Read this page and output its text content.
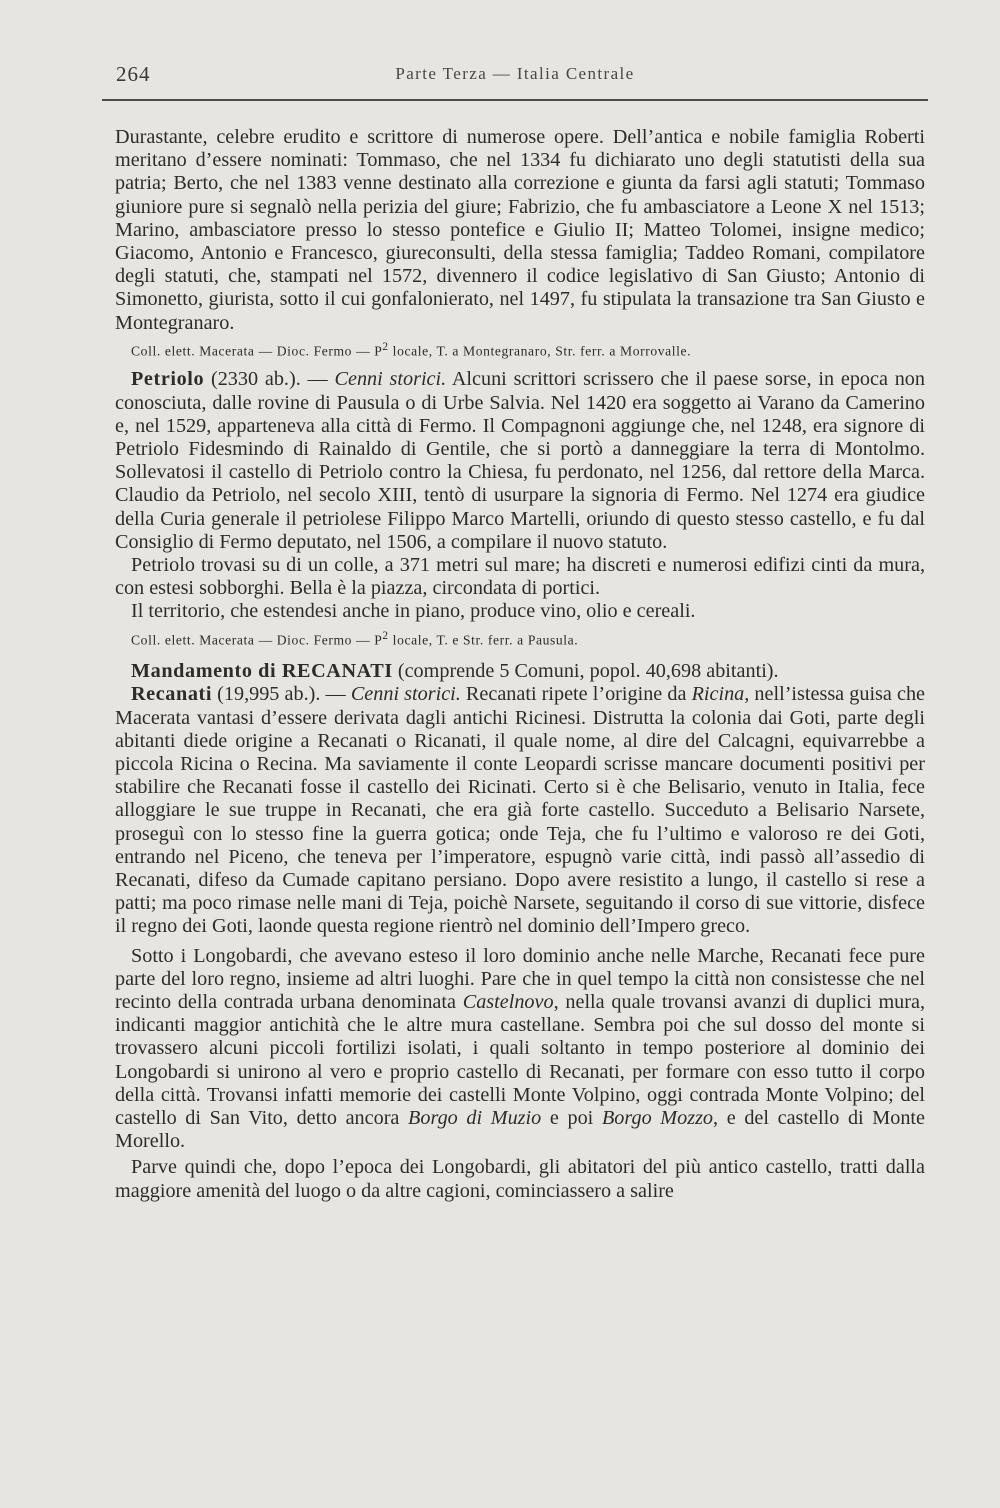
264	Parte Terza — Italia Centrale

Durastante, celebre erudito e scrittore di numerose opere. Dell’antica e nobile famiglia Roberti meritano d’essere nominati: Tommaso, che nel 1334 fu dichiarato uno degli statutisti della sua patria; Berto, che nel 1383 venne destinato alla correzione e giunta da farsi agli statuti; Tommaso giuniore pure si segnalò nella perizia del giure; Fabrizio, che fu ambasciatore a Leone X nel 1513; Marino, ambasciatore presso lo stesso pontefice e Giulio II; Matteo Tolomei, insigne medico; Giacomo, Antonio e Francesco, giureconsulti, della stessa famiglia; Taddeo Romani, compilatore degli statuti, che, stampati nel 1572, divennero il codice legislativo di San Giusto; Antonio di Simonetto, giurista, sotto il cui gonfalonierato, nel 1497, fu stipulata la transazione tra San Giusto e Montegranaro.

Coll. elett. Macerata — Dioc. Fermo — $P^2$ locale, T. a Montegranaro, Str. ferr. a Morrovalle.

Petriolo (2330 ab.). — Cenni storici. Alcuni scrittori scrissero che il paese sorse, in epoca non conosciuta, dalle rovine di Pausula o di Urbe Salvia. Nel 1420 era soggetto ai Varano da Camerino e, nel 1529, apparteneva alla città di Fermo. Il Compagnoni aggiunge che, nel 1248, era signore di Petriolo Fidesmindo di Rainaldo di Gentile, che si portò a danneggiare la terra di Montolmo. Sollevatosi il castello di Petriolo contro la Chiesa, fu perdonato, nel 1256, dal rettore della Marca. Claudio da Petriolo, nel secolo XIII, tentò di usurpare la signoria di Fermo. Nel 1274 era giudice della Curia generale il petriolese Filippo Marco Martelli, oriundo di questo stesso castello, e fu dal Consiglio di Fermo deputato, nel 1506, a compilare il nuovo statuto.

Petriolo trovasi su di un colle, a 371 metri sul mare; ha discreti e numerosi edifizi cinti da mura, con estesi sobborghi. Bella è la piazza, circondata di portici.

Il territorio, che estendesi anche in piano, produce vino, olio e cereali.

Coll. elett. Macerata — Dioc. Fermo — $P^2$ locale, T. e Str. ferr. a Pausula.

Mandamento di RECANATI (comprende 5 Comuni, popol. 40,698 abitanti).

Recanati (19,995 ab.). — Cenni storici. Recanati ripete l’origine da Ricina, nell’istessa guisa che Macerata vantasi d’essere derivata dagli antichi Ricinesi. Distrutta la colonia dai Goti, parte degli abitanti diede origine a Recanati o Ricanati, il quale nome, al dire del Calcagni, equivarrebbe a piccola Ricina o Recina. Ma saviamente il conte Leopardi scrisse mancare documenti positivi per stabilire che Recanati fosse il castello dei Ricinati. Certo si è che Belisario, venuto in Italia, fece alloggiare le sue truppe in Recanati, che era già forte castello. Succeduto a Belisario Narsete, proseguì con lo stesso fine la guerra gotica; onde Teja, che fu l’ultimo e valoroso re dei Goti, entrando nel Piceno, che teneva per l’imperatore, espugnò varie città, indi passò all’assedio di Recanati, difeso da Cumade capitano persiano. Dopo avere resistito a lungo, il castello si rese a patti; ma poco rimase nelle mani di Teja, poichè Narsete, seguitando il corso di sue vittorie, disfece il regno dei Goti, laonde questa regione rientrò nel dominio dell’Impero greco.

Sotto i Longobardi, che avevano esteso il loro dominio anche nelle Marche, Recanati fece pure parte del loro regno, insieme ad altri luoghi. Pare che in quel tempo la città non consistesse che nel recinto della contrada urbana denominata Castelnovo, nella quale trovansi avanzi di duplici mura, indicanti maggior antichità che le altre mura castellane. Sembra poi che sul dosso del monte si trovassero alcuni piccoli fortilizi isolati, i quali soltanto in tempo posteriore al dominio dei Longobardi si unirono al vero e proprio castello di Recanati, per formare con esso tutto il corpo della città. Trovansi infatti memorie dei castelli Monte Volpino, oggi contrada Monte Volpino; del castello di San Vito, detto ancora Borgo di Muzio e poi Borgo Mozzo, e del castello di Monte Morello.

Parve quindi che, dopo l’epoca dei Longobardi, gli abitatori del più antico castello, tratti dalla maggiore amenità del luogo o da altre cagioni, cominciassero a salire
